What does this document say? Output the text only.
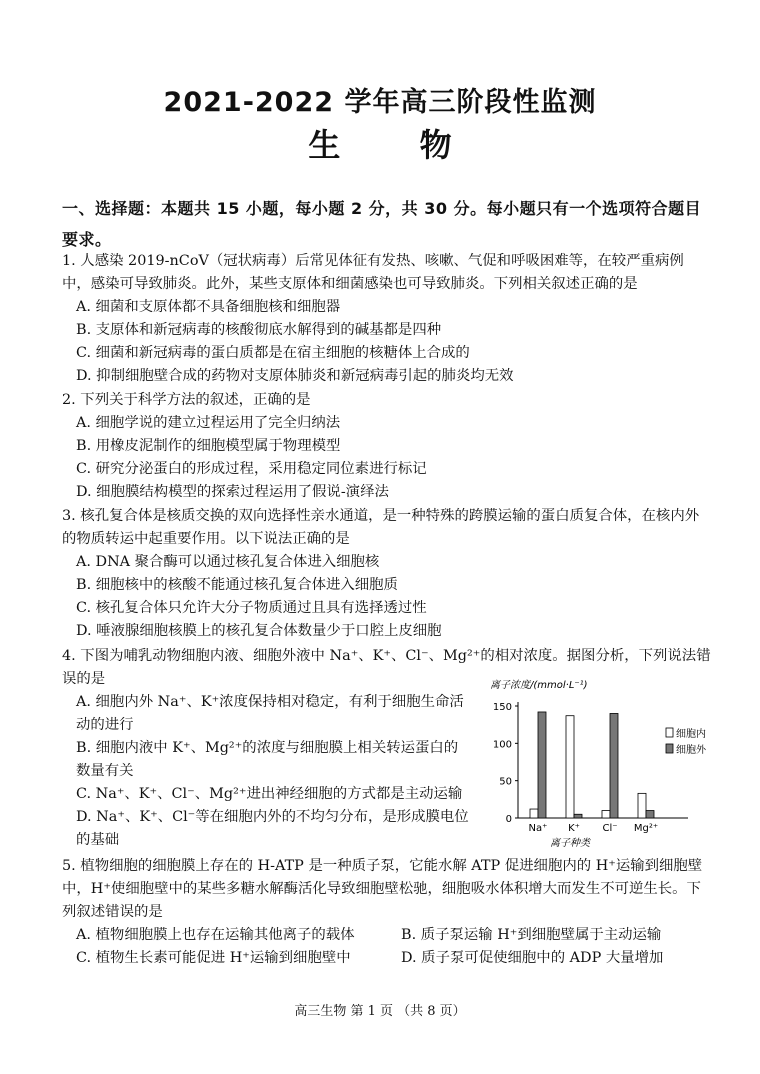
2021-2022 学年高三阶段性监测
生 物
一、选择题：本题共 15 小题，每小题 2 分，共 30 分。每小题只有一个选项符合题目要求。
1. 人感染 2019-nCoV（冠状病毒）后常见体征有发热、咳嗽、气促和呼吸困难等，在较严重病例中，感染可导致肺炎。此外，某些支原体和细菌感染也可导致肺炎。下列相关叙述正确的是
A. 细菌和支原体都不具备细胞核和细胞器
B. 支原体和新冠病毒的核酸彻底水解得到的碱基都是四种
C. 细菌和新冠病毒的蛋白质都是在宿主细胞的核糖体上合成的
D. 抑制细胞壁合成的药物对支原体肺炎和新冠病毒引起的肺炎均无效
2. 下列关于科学方法的叙述，正确的是
A. 细胞学说的建立过程运用了完全归纳法
B. 用橡皮泥制作的细胞模型属于物理模型
C. 研究分泌蛋白的形成过程，采用稳定同位素进行标记
D. 细胞膜结构模型的探索过程运用了假说-演绎法
3. 核孔复合体是核质交换的双向选择性亲水通道，是一种特殊的跨膜运输的蛋白质复合体，在核内外的物质转运中起重要作用。以下说法正确的是
A. DNA 聚合酶可以通过核孔复合体进入细胞核
B. 细胞核中的核酸不能通过核孔复合体进入细胞质
C. 核孔复合体只允许大分子物质通过且具有选择透过性
D. 唾液腺细胞核膜上的核孔复合体数量少于口腔上皮细胞
4. 下图为哺乳动物细胞内液、细胞外液中 Na⁺、K⁺、Cl⁻、Mg²⁺的相对浓度。据图分析，下列说法错
误的是
A. 细胞内外 Na⁺、K⁺浓度保持相对稳定，有利于细胞生命活动的进行
B. 细胞内液中 K⁺、Mg²⁺的浓度与细胞膜上相关转运蛋白的数量有关
C. Na⁺、K⁺、Cl⁻、Mg²⁺进出神经细胞的方式都是主动运输
D. Na⁺、K⁺、Cl⁻等在细胞内外的不均匀分布，是形成膜电位的基础
离子浓度/(mmol·L⁻¹)
离子种类
0
50
100
150
Na⁺ K⁺ Cl⁻ Mg²⁺
细胞内
细胞外
5. 植物细胞的细胞膜上存在的 H-ATP 是一种质子泵，它能水解 ATP 促进细胞内的 H⁺运输到细胞壁中，H⁺使细胞壁中的某些多糖水解酶活化导致细胞壁松驰，细胞吸水体积增大而发生不可逆生长。下列叙述错误的是
A. 植物细胞膜上也存在运输其他离子的载体	B. 质子泵运输 H⁺到细胞壁属于主动运输
C. 植物生长素可能促进 H⁺运输到细胞壁中	D. 质子泵可促使细胞中的 ADP 大量增加
高三生物 第 1 页 （共 8 页）
